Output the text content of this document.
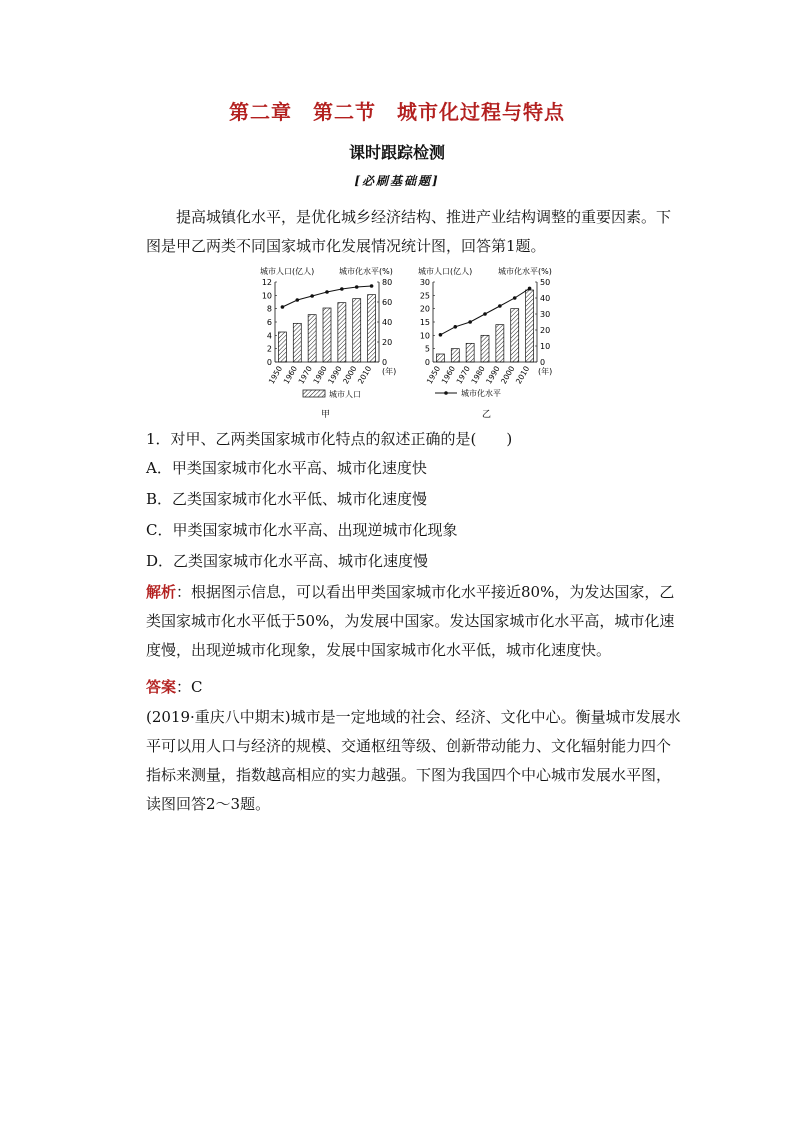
第二章　第二节　城市化过程与特点
课时跟踪检测
[必刷基础题]

提高城镇化水平，是优化城乡经济结构、推进产业结构调整的重要因素。下图是甲乙两类不同国家城市化发展情况统计图，回答第1题。

城市人口(亿人)	城市化水平(%)
0
2
4
6
8
10
12
0
20
40
60
80
1950
1960
1970
1980
1990
2000
2010 (年)
城市人口
甲
城市人口(亿人)	城市化水平(%)
0
5
10
15
20
25
30
0
10
20
30
40
50
1950
1960
1970
1980
1990
2000
2010 (年)
城市化水平
乙
1．对甲、乙两类国家城市化特点的叙述正确的是(　　)
A．甲类国家城市化水平高、城市化速度快
B．乙类国家城市化水平低、城市化速度慢
C．甲类国家城市化水平高、出现逆城市化现象
D．乙类国家城市化水平高、城市化速度慢

解析：根据图示信息，可以看出甲类国家城市化水平接近80%，为发达国家，乙类国家城市化水平低于50%，为发展中国家。发达国家城市化水平高，城市化速度慢，出现逆城市化现象，发展中国家城市化水平低，城市化速度快。

答案：C

(2019·重庆八中期末)城市是一定地域的社会、经济、文化中心。衡量城市发展水平可以用人口与经济的规模、交通枢纽等级、创新带动能力、文化辐射能力四个指标来测量，指数越高相应的实力越强。下图为我国四个中心城市发展水平图，读图回答2～3题。
